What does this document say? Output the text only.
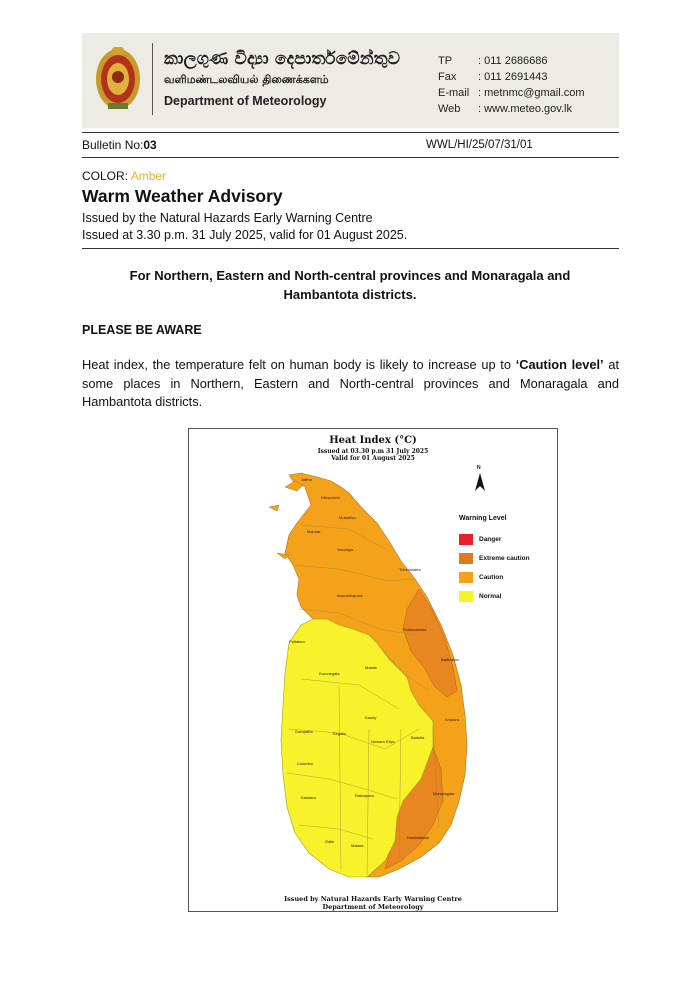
කාලගුණ විද්‍යා දෙපාර්තමේන්තුව
வளிமண்டலவியல் திணைக்களம்
Department of Meteorology
TP	: 011 2686686
Fax	: 011 2691443
E-mail : metnmc@gmail.com
Web	: www.meteo.gov.lk
Bulletin No:03	WWL/HI/25/07/31/01
COLOR: Amber
Warm Weather Advisory
Issued by the Natural Hazards Early Warning Centre
Issued at 3.30 p.m. 31 July 2025, valid for 01 August 2025.
For Northern, Eastern and North-central provinces and Monaragala and
Hambantota districts.
PLEASE BE AWARE
Heat index, the temperature felt on human body is likely to increase up to ‘Caution level’ at some places in Northern, Eastern and North-central provinces and Monaragala and Hambantota districts.
Heat Index (°C)
Issued at 03.30 p.m 31 July 2025
Valid for 01 August 2025
Jaffna
Kilinochchi
Mullaitivu
Mannar
Vavuniya
Trincomalee
Anuradhapura
Puttalam
Polonnaruwa
Kurunegala
Matale
Batticaloa
Kandy	Ampara
Gampaha	Kegalle
Nuwara Eliya
Badulla
Colombo
Monaragala
Kalutara	Ratnapura
Galle
Matara
Hambantota
N
Warning Level
Danger
Extreme caution
Caution
Normal
Issued by Natural Hazards Early Warning Centre
Department of Meteorology
